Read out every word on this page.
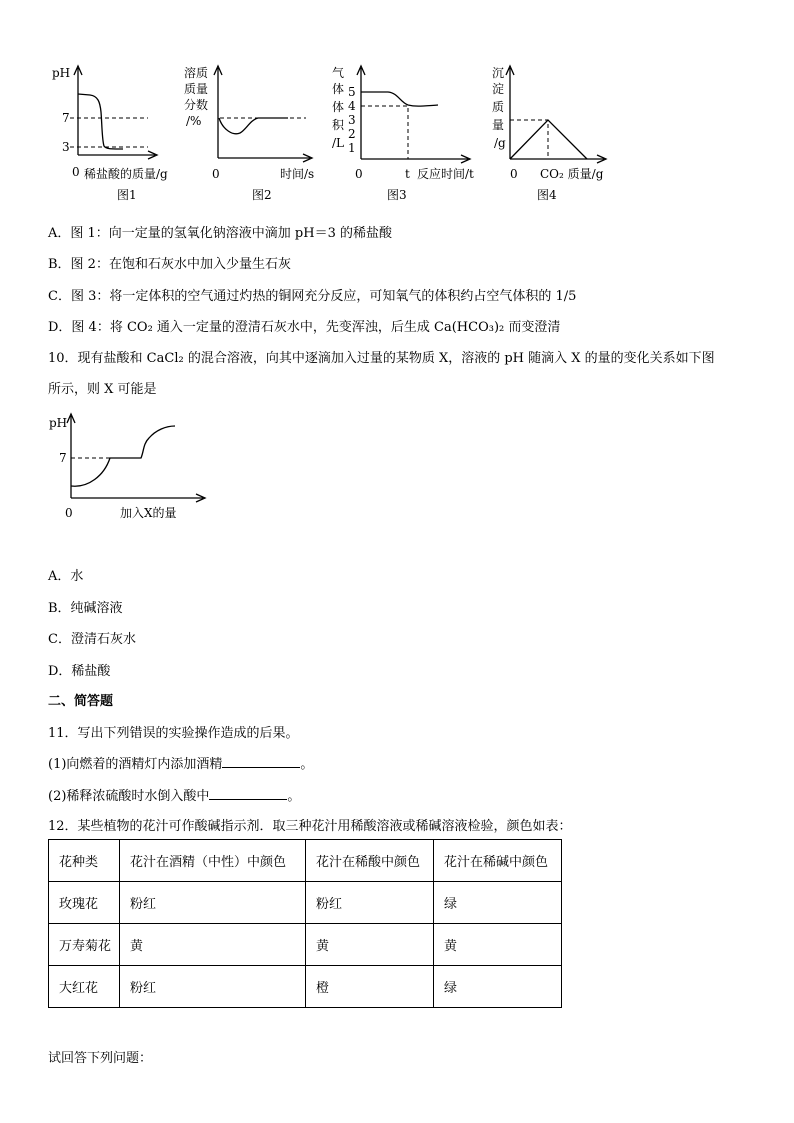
pH
7
3
0 稀盐酸的质量/g
图1
溶质
质量
分数
/%
0	时间/s
图2
气
体
体
积
/L
5
4
3
2
1
0	t 反应时间/t
图3
沉
淀
质
量
/g
0 CO₂ 质量/g
图4
A．图 1：向一定量的氢氧化钠溶液中滴加 pH＝3 的稀盐酸
B．图 2：在饱和石灰水中加入少量生石灰
C．图 3：将一定体积的空气通过灼热的铜网充分反应，可知氧气的体积约占空气体积的 1/5
D．图 4：将 CO₂ 通入一定量的澄清石灰水中，先变浑浊，后生成 Ca(HCO₃)₂ 而变澄清
10．现有盐酸和 CaCl₂ 的混合溶液，向其中逐滴加入过量的某物质 X，溶液的 pH 随滴入 X 的量的变化关系如下图
所示，则 X 可能是
pH
7
0	加入X的量
A．水
B．纯碱溶液
C．澄清石灰水
D．稀盐酸
二、简答题
11．写出下列错误的实验操作造成的后果。
(1)向燃着的酒精灯内添加酒精	。
(2)稀释浓硫酸时水倒入酸中	。
12．某些植物的花汁可作酸碱指示剂．取三种花汁用稀酸溶液或稀碱溶液检验，颜色如表：
花种类	花汁在酒精（中性）中颜色	花汁在稀酸中颜色	花汁在稀碱中颜色
玫瑰花	粉红	粉红	绿
万寿菊花	黄	黄	黄
大红花	粉红	橙	绿
试回答下列问题：
